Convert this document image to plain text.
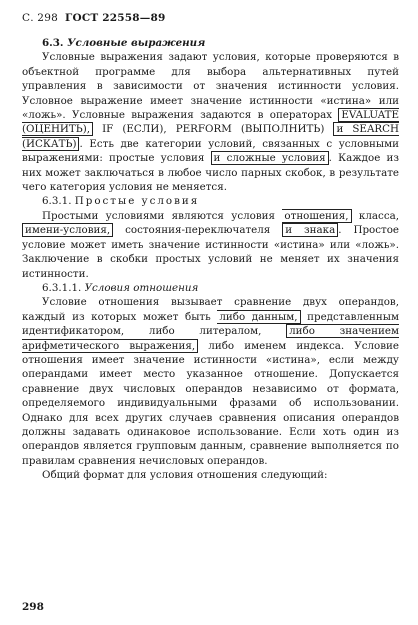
С. 298 ГОСТ 22558—89

6.3. Условные выражения

Условные выражения задают условия, которые проверяются в объектной программе для выбора альтернативных путей управления в зависимости от значения истинности условия. Условное выражение имеет значение истинности «истина» или «ложь». Условные выражения задаются в операторах EVALUATE (ОЦЕНИТЬ), IF (ЕСЛИ), PERFORM (ВЫПОЛНИТЬ) и SEARCH (ИСКАТЬ) . Есть две категории условий, связанных с условными выражениями: простые условия и сложные условия . Каждое из них может заключаться в любое число парных скобок, в результате чего категория условия не меняется.

6.3.1. Простые условия

Простыми условиями являются условия отношения, класса, имени-условия, состояния-переключателя и знака . Простое условие может иметь значение истинности «истина» или «ложь». Заключение в скобки простых условий не меняет их значения истинности.

6.3.1.1. Условия отношения

Условие отношения вызывает сравнение двух операндов, каждый из которых может быть либо данным, представленным идентификатором, либо литералом, либо значением арифметического выражения, либо именем индекса. Условие отношения имеет значение истинности «истина», если между операндами имеет место указанное отношение. Допускается сравнение двух числовых операндов независимо от формата, определяемого индивидуальными фразами об использовании. Однако для всех других случаев сравнения описания операндов должны задавать одинаковое использование. Если хоть один из операндов является групповым данным, сравнение выполняется по правилам сравнения нечисловых операндов.

Общий формат для условия отношения следующий:

298
